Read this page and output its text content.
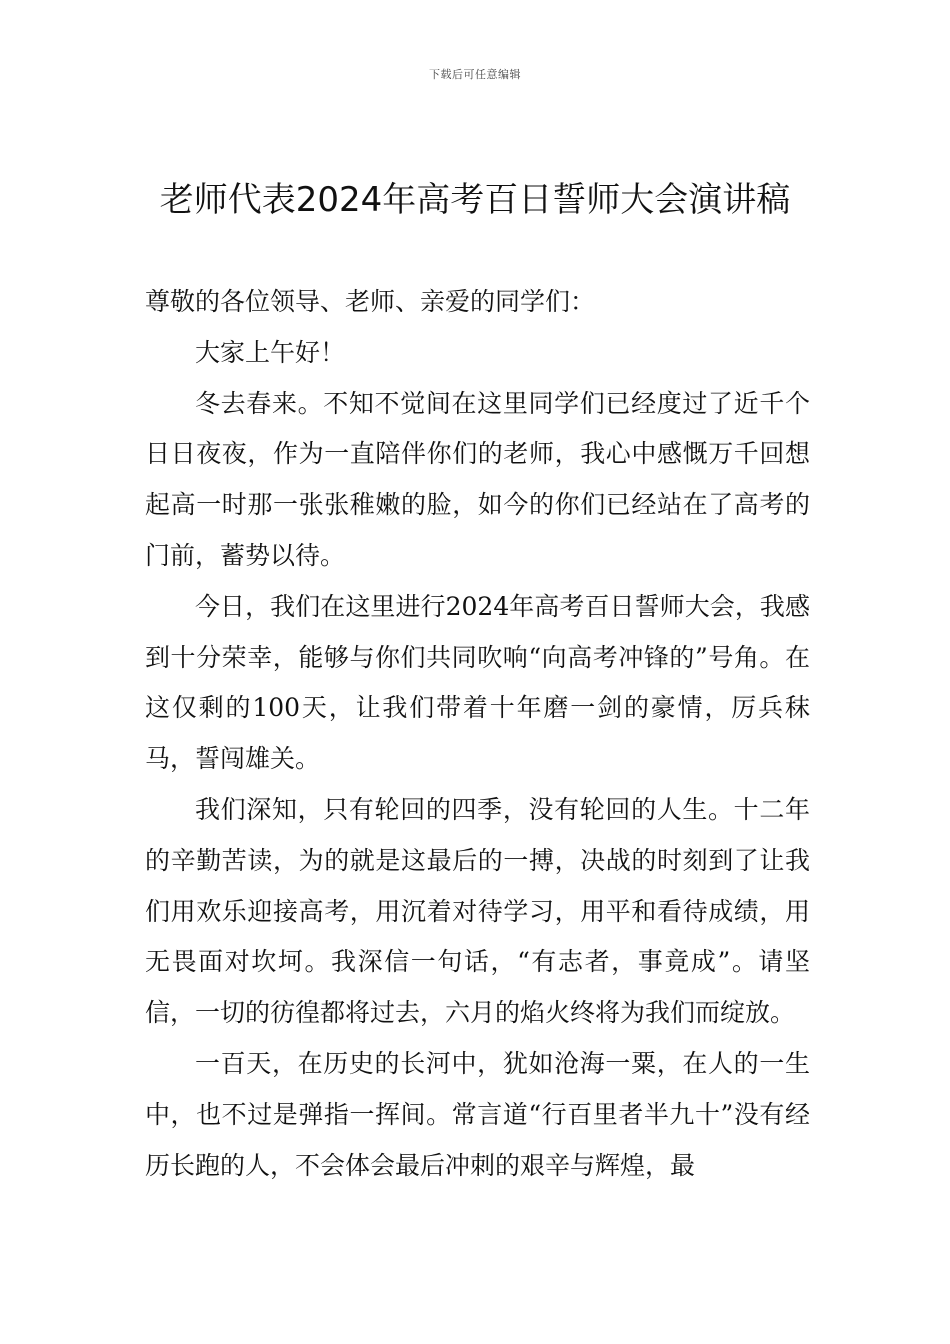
下载后可任意编辑
老师代表2024年高考百日誓师大会演讲稿

尊敬的各位领导、老师、亲爱的同学们：

大家上午好！

冬去春来。不知不觉间在这里同学们已经度过了近千个日日夜夜，作为一直陪伴你们的老师，我心中感慨万千回想起高一时那一张张稚嫩的脸，如今的你们已经站在了高考的门前，蓄势以待。

今日，我们在这里进行2024年高考百日誓师大会，我感到十分荣幸，能够与你们共同吹响“向高考冲锋的”号角。在这仅剩的100天，让我们带着十年磨一剑的豪情，厉兵秣马，誓闯雄关。

我们深知，只有轮回的四季，没有轮回的人生。十二年的辛勤苦读，为的就是这最后的一搏，决战的时刻到了让我们用欢乐迎接高考，用沉着对待学习，用平和看待成绩，用无畏面对坎坷。我深信一句话，“有志者，事竟成”。请坚信，一切的彷徨都将过去，六月的焰火终将为我们而绽放。

一百天，在历史的长河中，犹如沧海一粟，在人的一生中，也不过是弹指一挥间。常言道“行百里者半九十”没有经历长跑的人，不会体会最后冲刺的艰辛与辉煌，最
